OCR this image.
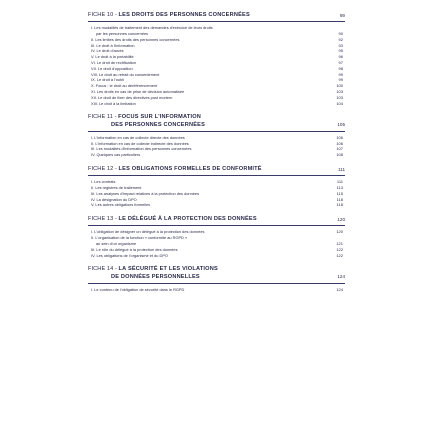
FICHE 10 - LES DROITS DES PERSONNES CONCERNÉES	89
I. Les modalités de traitement des demandes d'exercice de leurs droits
par les personnes concernées	90
II. Les limites des droits des personnes concernées	92
III. Le droit à l'information	93
IV. Le droit d'accès	95
V. Le droit à la portabilité	96
VI. Le droit de rectification	97
VII. Le droit d'opposition	98
VIII. Le droit au retrait du consentement	99
IX. Le droit à l'oubli	99
X. Focus : le droit au déréférencement	100
XI. Les droits en cas de prise de décision automatisée	103
XII. Le droit de fixer des directives post mortem	103
XIII. Le droit à la limitation	104
FICHE 11 - FOCUS SUR L'INFORMATION
DES PERSONNES CONCERNÉES	105
I. L'information en cas de collecte directe des données	106
II. L'information en cas de collecte indirecte des données	106
III. Les modalités d'information des personnes concernées	107
IV. Quelques cas particuliers	108
FICHE 12 - LES OBLIGATIONS FORMELLES DE CONFORMITÉ	111
I. Les contrats	111
II. Les registres de traitement	113
III. Les analyses d'impact relatives à la protection des données	115
IV. La désignation du DPO	118
V. Les autres obligations formelles	118
FICHE 13 - LE DÉLÉGUÉ À LA PROTECTION DES DONNÉES	120
I. L'obligation de désigner un délégué à la protection des données	120
II. L'organisation de la fonction « conformité au RGPD »
au sein d'un organisme	121
III. Le rôle du délégué à la protection des données	122
IV. Les obligations de l'organisme et du DPO	122
FICHE 14 - LA SÉCURITÉ ET LES VIOLATIONS
DE DONNÉES PERSONNELLES	124
I. Le contenu de l'obligation de sécurité dans le RGPD	124
